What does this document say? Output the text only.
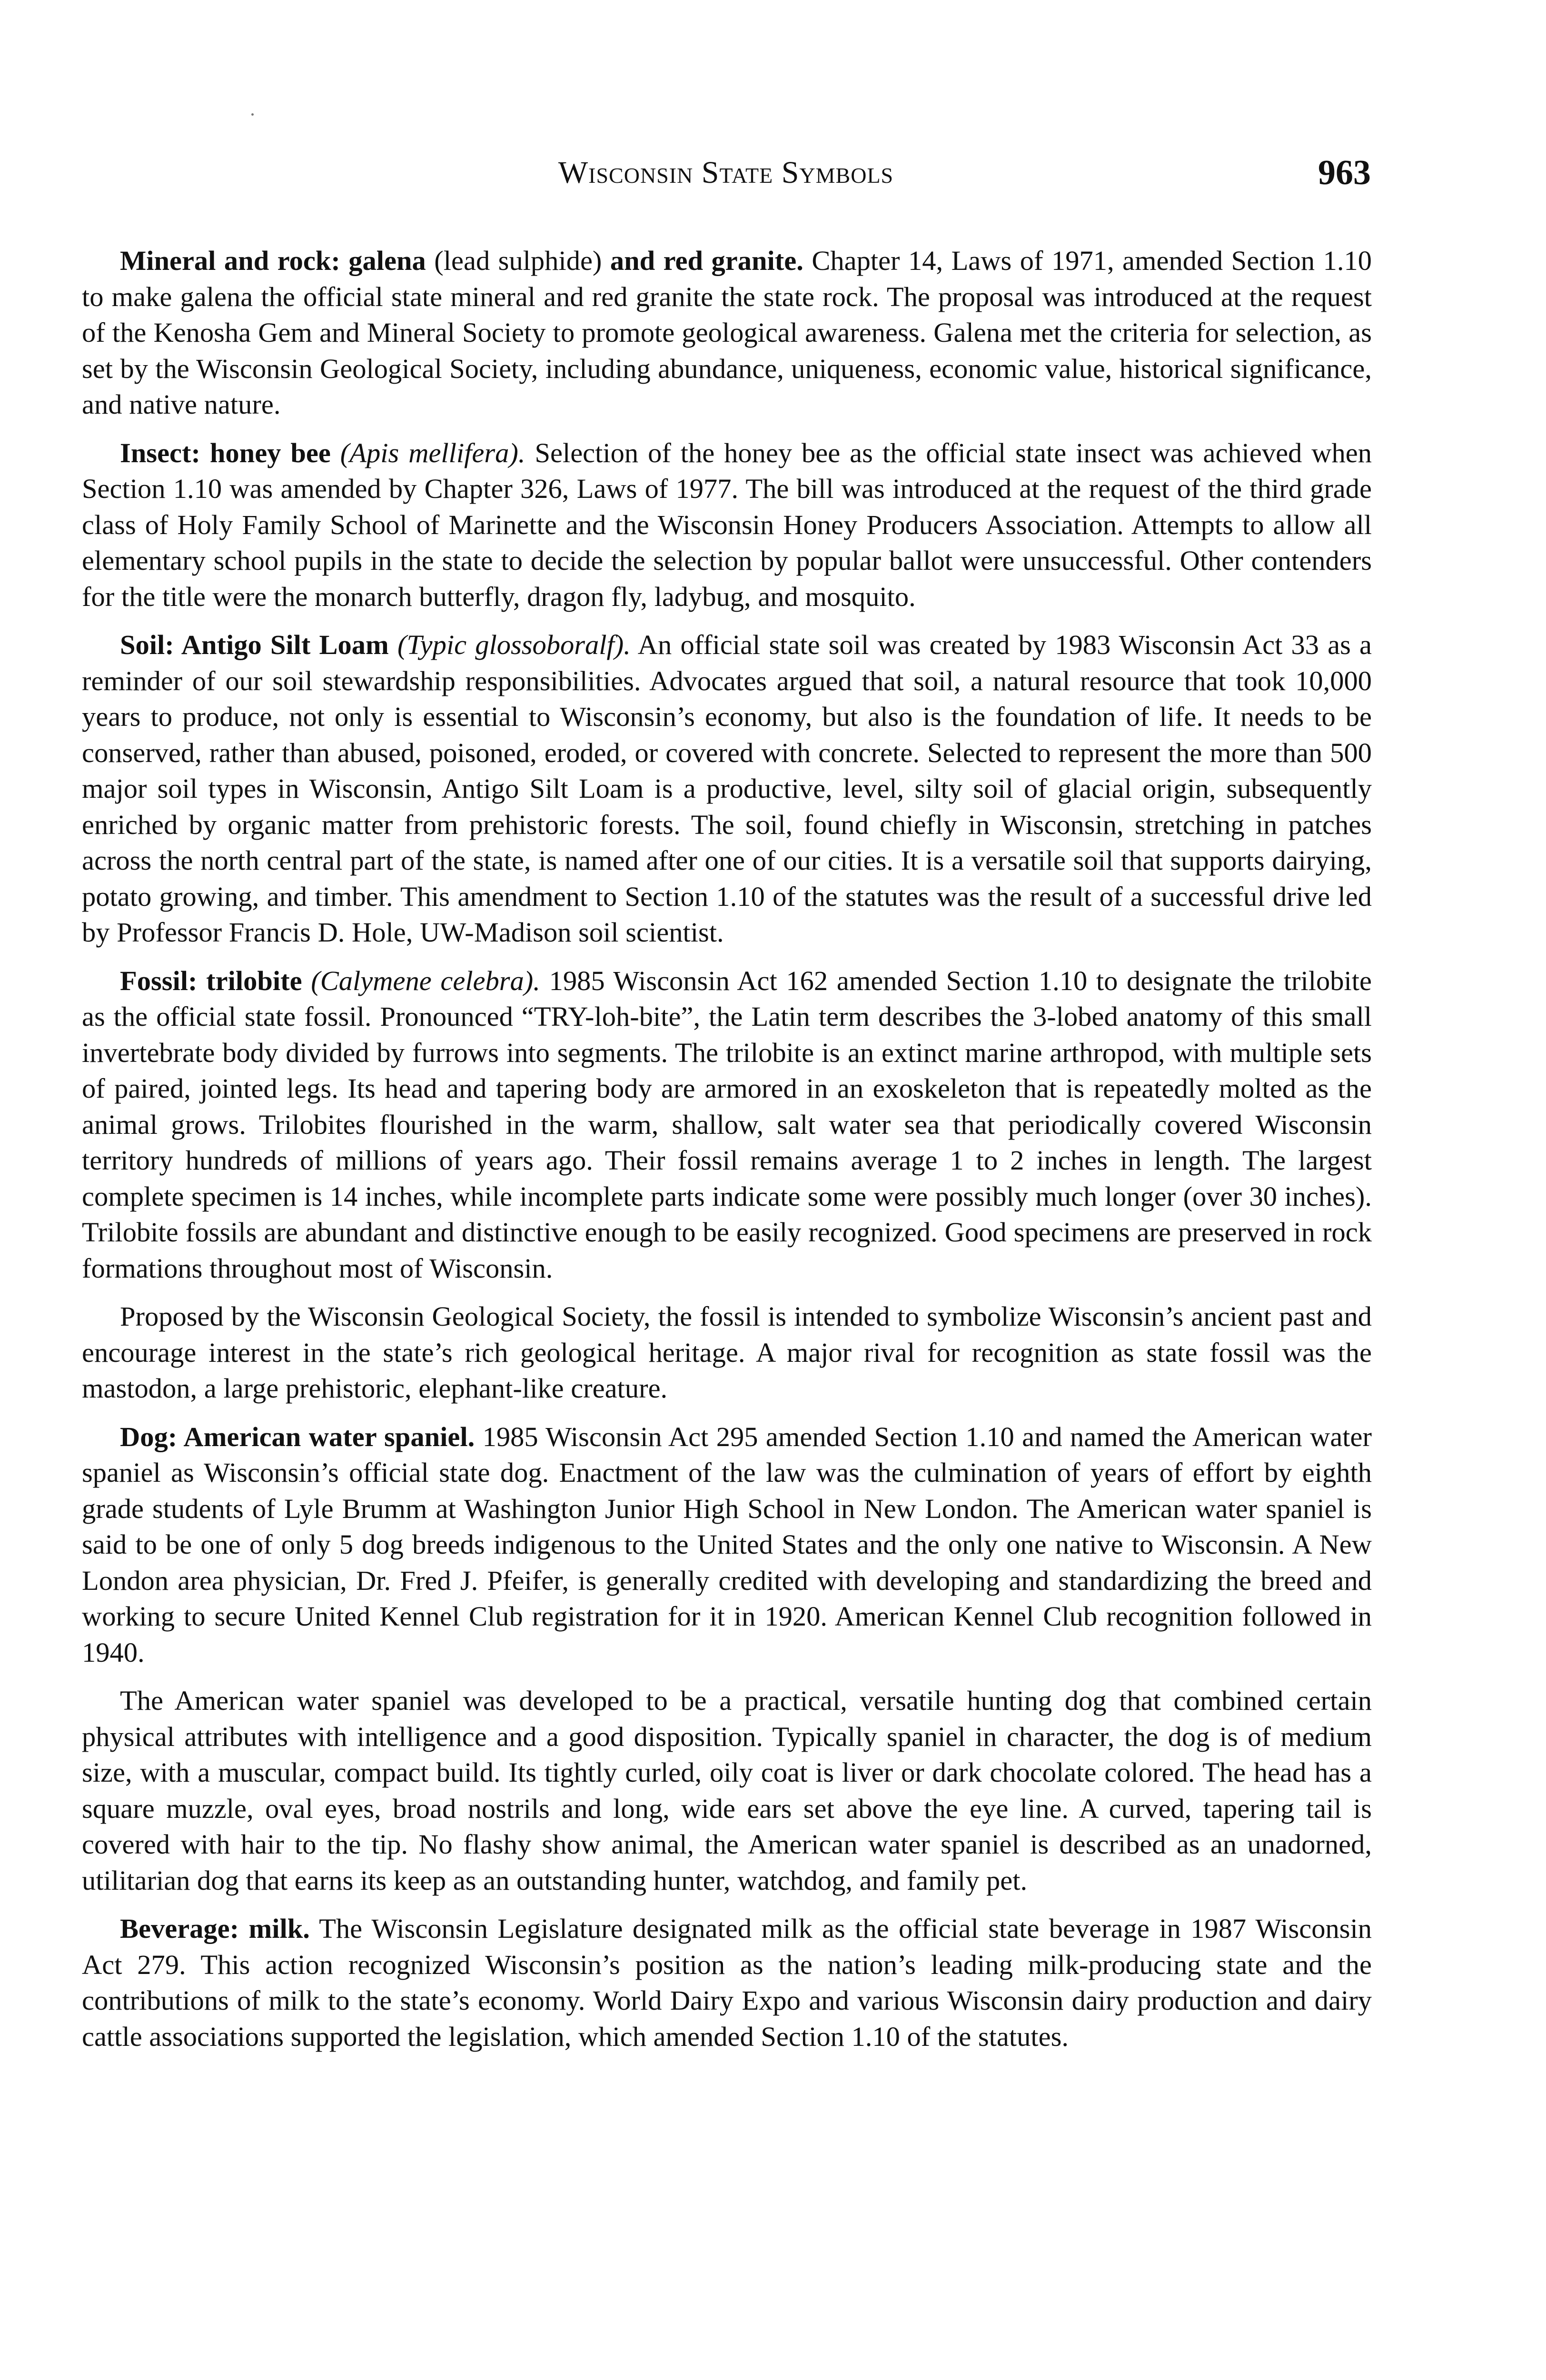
Wisconsin State Symbols	963

Mineral and rock: galena (lead sulphide) and red granite. Chapter 14, Laws of 1971, amended Section 1.10 to make galena the official state mineral and red granite the state rock. The proposal was introduced at the request of the Kenosha Gem and Mineral Society to promote geological awareness. Galena met the criteria for selection, as set by the Wisconsin Geological Society, including abundance, uniqueness, economic value, historical significance, and native nature.

Insect: honey bee (Apis mellifera). Selection of the honey bee as the official state insect was achieved when Section 1.10 was amended by Chapter 326, Laws of 1977. The bill was introduced at the request of the third grade class of Holy Family School of Marinette and the Wisconsin Honey Producers Association. Attempts to allow all elementary school pupils in the state to decide the selection by popular ballot were unsuccessful. Other contenders for the title were the monarch butterfly, dragon fly, ladybug, and mosquito.

Soil: Antigo Silt Loam (Typic glossoboralf). An official state soil was created by 1983 Wisconsin Act 33 as a reminder of our soil stewardship responsibilities. Advocates argued that soil, a natural resource that took 10,000 years to produce, not only is essential to Wisconsin’s economy, but also is the foundation of life. It needs to be conserved, rather than abused, poisoned, eroded, or covered with concrete. Selected to represent the more than 500 major soil types in Wisconsin, Antigo Silt Loam is a productive, level, silty soil of glacial origin, subsequently enriched by organic matter from prehistoric forests. The soil, found chiefly in Wisconsin, stretching in patches across the north central part of the state, is named after one of our cities. It is a versatile soil that supports dairying, potato growing, and timber. This amendment to Section 1.10 of the statutes was the result of a successful drive led by Professor Francis D. Hole, UW-Madison soil scientist.

Fossil: trilobite (Calymene celebra). 1985 Wisconsin Act 162 amended Section 1.10 to designate the trilobite as the official state fossil. Pronounced “TRY-loh-bite”, the Latin term describes the 3-lobed anatomy of this small invertebrate body divided by furrows into segments. The trilobite is an extinct marine arthropod, with multiple sets of paired, jointed legs. Its head and tapering body are armored in an exoskeleton that is repeatedly molted as the animal grows. Trilobites flourished in the warm, shallow, salt water sea that periodically covered Wisconsin territory hundreds of millions of years ago. Their fossil remains average 1 to 2 inches in length. The largest complete specimen is 14 inches, while incomplete parts indicate some were possibly much longer (over 30 inches). Trilobite fossils are abundant and distinctive enough to be easily recognized. Good specimens are preserved in rock formations throughout most of Wisconsin.

Proposed by the Wisconsin Geological Society, the fossil is intended to symbolize Wisconsin’s ancient past and encourage interest in the state’s rich geological heritage. A major rival for recognition as state fossil was the mastodon, a large prehistoric, elephant-like creature.

Dog: American water spaniel. 1985 Wisconsin Act 295 amended Section 1.10 and named the American water spaniel as Wisconsin’s official state dog. Enactment of the law was the culmination of years of effort by eighth grade students of Lyle Brumm at Washington Junior High School in New London. The American water spaniel is said to be one of only 5 dog breeds indigenous to the United States and the only one native to Wisconsin. A New London area physician, Dr. Fred J. Pfeifer, is generally credited with developing and standardizing the breed and working to secure United Kennel Club registration for it in 1920. American Kennel Club recognition followed in 1940.

The American water spaniel was developed to be a practical, versatile hunting dog that combined certain physical attributes with intelligence and a good disposition. Typically spaniel in character, the dog is of medium size, with a muscular, compact build. Its tightly curled, oily coat is liver or dark chocolate colored. The head has a square muzzle, oval eyes, broad nostrils and long, wide ears set above the eye line. A curved, tapering tail is covered with hair to the tip. No flashy show animal, the American water spaniel is described as an unadorned, utilitarian dog that earns its keep as an outstanding hunter, watchdog, and family pet.

Beverage: milk. The Wisconsin Legislature designated milk as the official state beverage in 1987 Wisconsin Act 279. This action recognized Wisconsin’s position as the nation’s leading milk-producing state and the contributions of milk to the state’s economy. World Dairy Expo and various Wisconsin dairy production and dairy cattle associations supported the legislation, which amended Section 1.10 of the statutes.
